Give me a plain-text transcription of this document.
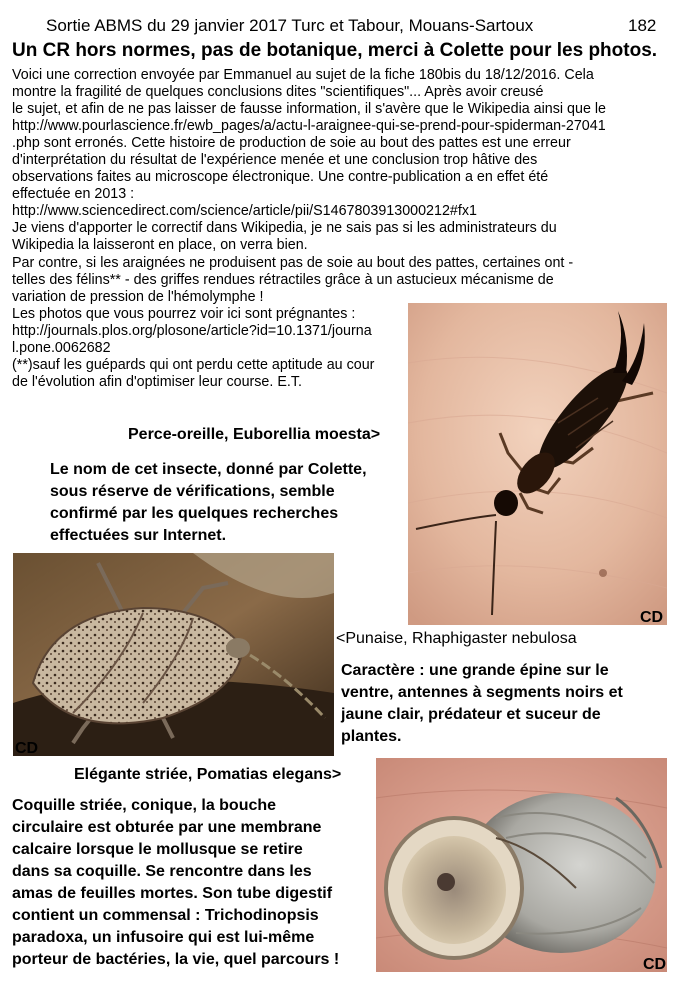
Sortie ABMS du 29 janvier 2017 Turc et Tabour, Mouans-Sartoux	182
Un CR hors normes, pas de botanique, merci à Colette pour les photos.
Voici une correction envoyée par Emmanuel au sujet de la fiche 180bis du 18/12/2016. Cela
montre la fragilité de quelques conclusions dites "scientifiques"... Après avoir creusé
le sujet, et afin de ne pas laisser de fausse information, il s'avère que le Wikipedia ainsi que le
http://www.pourlascience.fr/ewb_pages/a/actu-l-araignee-qui-se-prend-pour-spiderman-27041
.php sont erronés. Cette histoire de production de soie au bout des pattes est une erreur
d'interprétation du résultat de l'expérience menée et une conclusion trop hâtive des
observations faites au microscope électronique. Une contre-publication a en effet été
effectuée en 2013 :
http://www.sciencedirect.com/science/article/pii/S1467803913000212#fx1
Je viens d'apporter le correctif dans Wikipedia, je ne sais pas si les administrateurs du
Wikipedia la laisseront en place, on verra bien.
Par contre, si les araignées ne produisent pas de soie au bout des pattes, certaines ont -
telles des félins** - des griffes rendues rétractiles grâce à un astucieux mécanisme de
variation de pression de l'hémolymphe !
Les photos que vous pourrez voir ici sont prégnantes :
http://journals.plos.org/plosone/article?id=10.1371/journa
l.pone.0062682
(**)sauf les guépards qui ont perdu cette aptitude au cour
de l'évolution afin d'optimiser leur course. E.T.
CD
Perce-oreille, Euborellia moesta>
Le nom de cet insecte, donné par Colette,
sous réserve de vérifications, semble
confirmé par les quelques recherches
effectuées sur Internet.
CD
<Punaise, Rhaphigaster nebulosa
Caractère : une grande épine sur le
ventre, antennes à segments noirs et
jaune clair, prédateur et suceur de
plantes.
Elégante striée, Pomatias elegans>
Coquille striée, conique, la bouche
circulaire est obturée par une membrane
calcaire lorsque le mollusque se retire
dans sa coquille. Se rencontre dans les
amas de feuilles mortes. Son tube digestif
contient un commensal : Trichodinopsis
paradoxa, un infusoire qui est lui-même
porteur de bactéries, la vie, quel parcours !	CD
